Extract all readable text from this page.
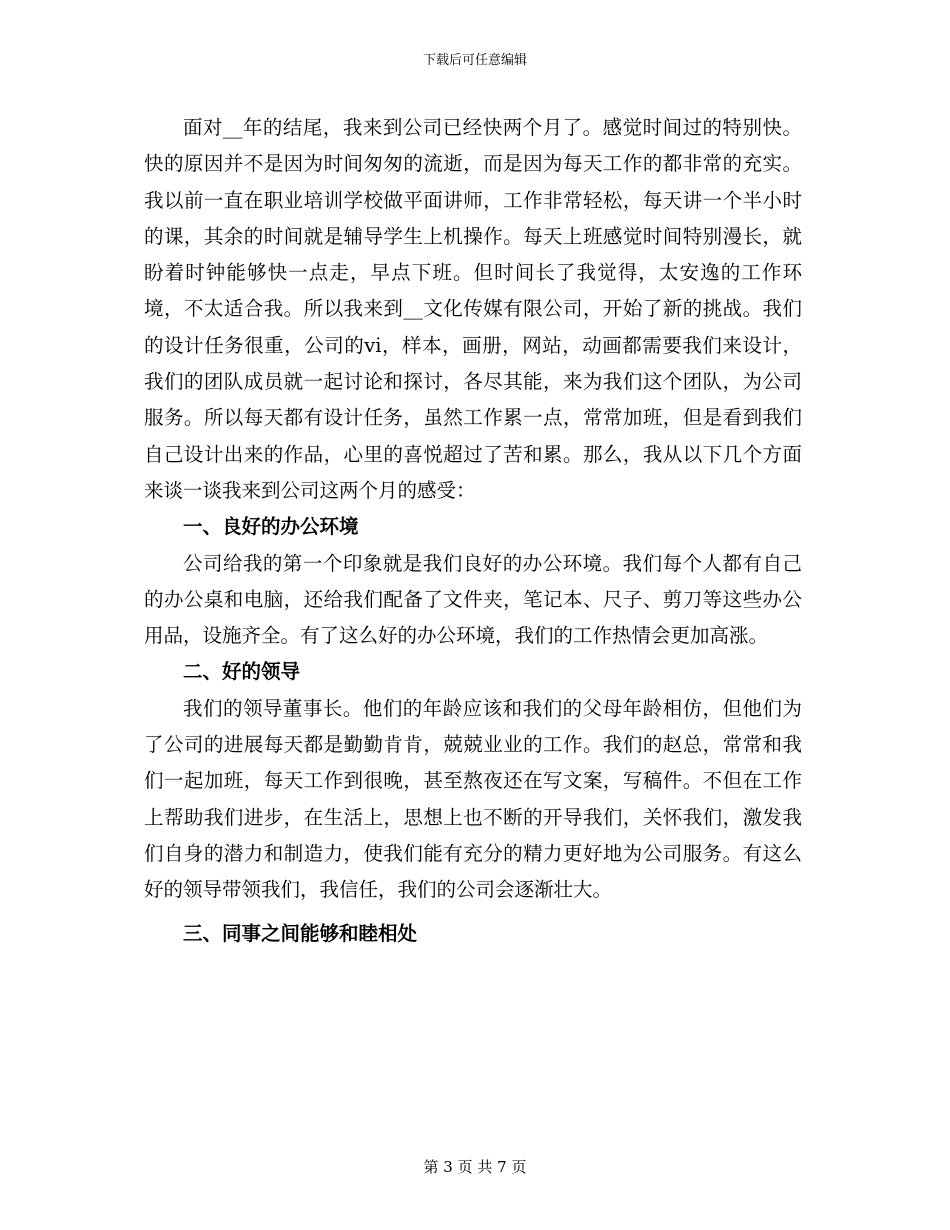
下载后可任意编辑

面对__年的结尾，我来到公司已经快两个月了。感觉时间过的特别快。快的原因并不是因为时间匆匆的流逝，而是因为每天工作的都非常的充实。我以前一直在职业培训学校做平面讲师，工作非常轻松，每天讲一个半小时的课，其余的时间就是辅导学生上机操作。每天上班感觉时间特别漫长，就盼着时钟能够快一点走，早点下班。但时间长了我觉得，太安逸的工作环境，不太适合我。所以我来到__文化传媒有限公司，开始了新的挑战。我们的设计任务很重，公司的vi，样本，画册，网站，动画都需要我们来设计，我们的团队成员就一起讨论和探讨，各尽其能，来为我们这个团队，为公司服务。所以每天都有设计任务，虽然工作累一点，常常加班，但是看到我们自己设计出来的作品，心里的喜悦超过了苦和累。那么，我从以下几个方面来谈一谈我来到公司这两个月的感受：

一、良好的办公环境

公司给我的第一个印象就是我们良好的办公环境。我们每个人都有自己的办公桌和电脑，还给我们配备了文件夹，笔记本、尺子、剪刀等这些办公用品，设施齐全。有了这么好的办公环境，我们的工作热情会更加高涨。

二、好的领导

我们的领导董事长。他们的年龄应该和我们的父母年龄相仿，但他们为了公司的进展每天都是勤勤肯肯，兢兢业业的工作。我们的赵总，常常和我们一起加班，每天工作到很晚，甚至熬夜还在写文案，写稿件。不但在工作上帮助我们进步，在生活上，思想上也不断的开导我们，关怀我们，激发我们自身的潜力和制造力，使我们能有充分的精力更好地为公司服务。有这么好的领导带领我们，我信任，我们的公司会逐渐壮大。

三、同事之间能够和睦相处

第 3 页 共 7 页
